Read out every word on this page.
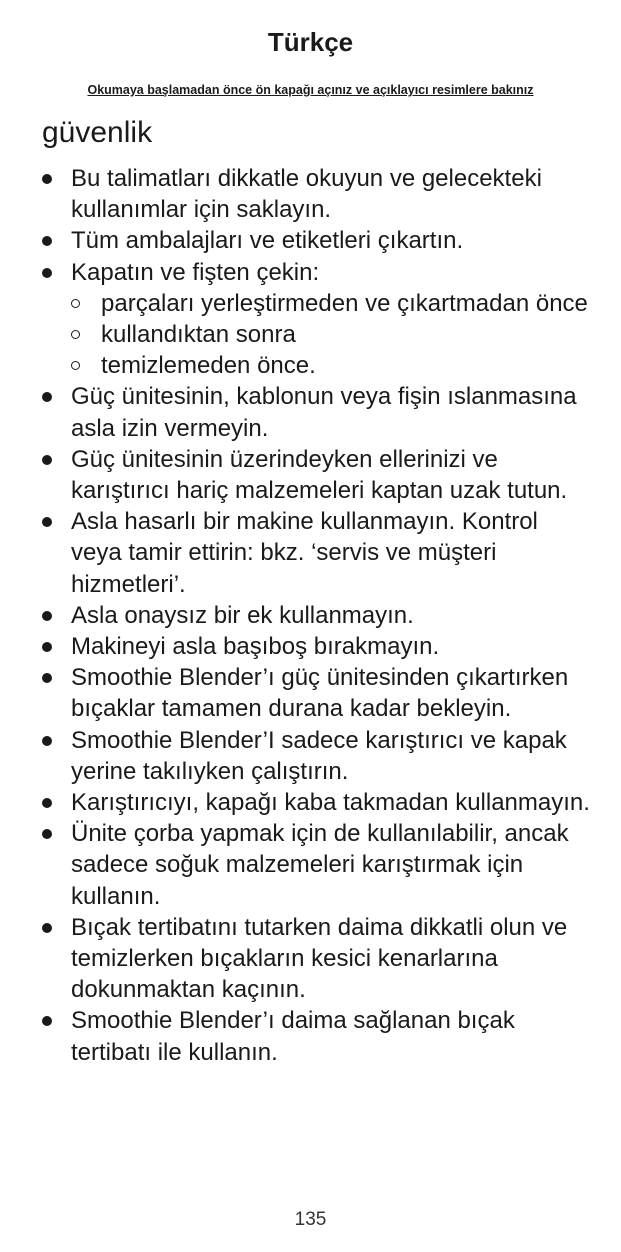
Türkçe
Okumaya başlamadan önce ön kapağı açınız ve açıklayıcı resimlere bakınız
güvenlik
Bu talimatları dikkatle okuyun ve gelecekteki kullanımlar için saklayın.
Tüm ambalajları ve etiketleri çıkartın.
Kapatın ve fişten çekin:
parçaları yerleştirmeden ve çıkartmadan önce
kullandıktan sonra
temizlemeden önce.
Güç ünitesinin, kablonun veya fişin ıslanmasına asla izin vermeyin.
Güç ünitesinin üzerindeyken ellerinizi ve karıştırıcı hariç malzemeleri kaptan uzak tutun.
Asla hasarlı bir makine kullanmayın. Kontrol veya tamir ettirin: bkz. ‘servis ve müşteri hizmetleri’.
Asla onaysız bir ek kullanmayın.
Makineyi asla başıboş bırakmayın.
Smoothie Blender’ı güç ünitesinden çıkartırken bıçaklar tamamen durana kadar bekleyin.
Smoothie Blender’I sadece karıştırıcı ve kapak yerine takılıyken çalıştırın.
Karıştırıcıyı, kapağı kaba takmadan kullanmayın.
Ünite çorba yapmak için de kullanılabilir, ancak sadece soğuk malzemeleri karıştırmak için kullanın.
Bıçak tertibatını tutarken daima dikkatli olun ve temizlerken bıçakların kesici kenarlarına dokunmaktan kaçının.
Smoothie Blender’ı daima sağlanan bıçak tertibatı ile kullanın.
135
